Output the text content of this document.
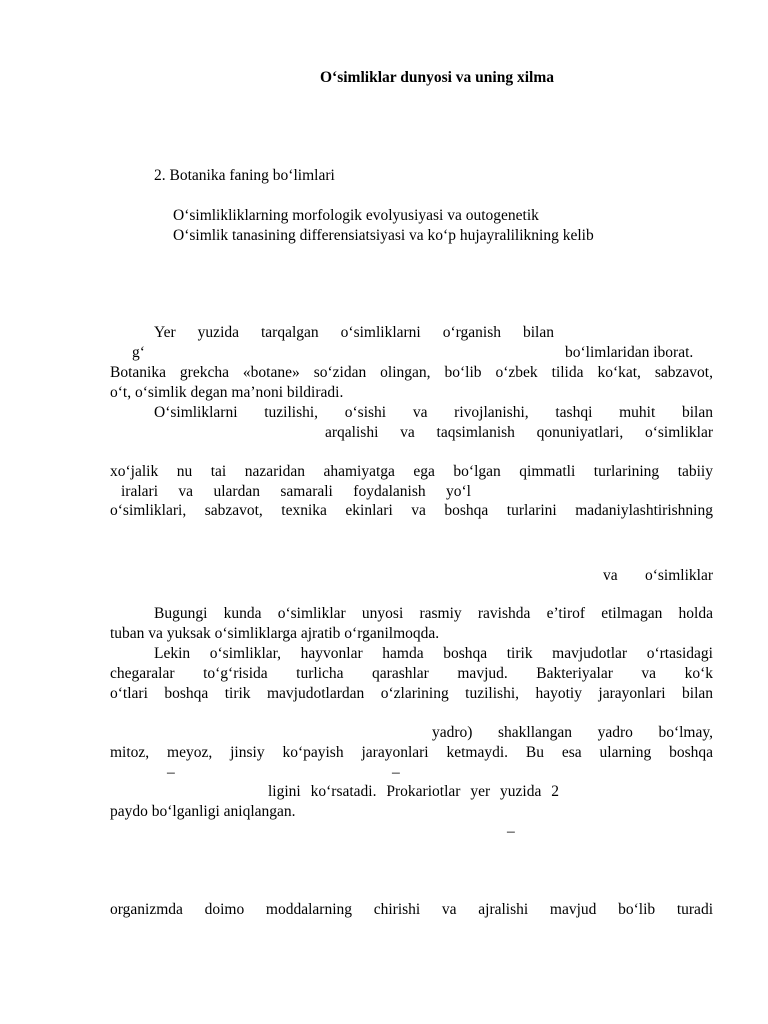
O‘simliklar dunyosi va uning xilma
2. Botanika faning bo‘limlari
O‘simlikliklarning morfologik evolyusiyasi va outogenetik
O‘simlik tanasining differensiatsiyasi va ko‘p hujayralilikning kelib
Yer yuzida tarqalgan o‘simliklarni o‘rganish bilan
g‘	bo‘limlaridan iborat.
Botanika grekcha «botane» so‘zidan olingan, bo‘lib o‘zbek tilida ko‘kat, sabzavot,
o‘t, o‘simlik degan ma’noni bildiradi.
O‘simliklarni tuzilishi, o‘sishi va rivojlanishi, tashqi muhit bilan
arqalishi va taqsimlanish qonuniyatlari, o‘simliklar
xo‘jalik nu tai nazaridan ahamiyatga ega bo‘lgan qimmatli turlarining tabiiy
iralari va ulardan samarali foydalanish yo‘l
o‘simliklari, sabzavot, texnika ekinlari va boshqa turlarini madaniylashtirishning
va o‘simliklar
Bugungi kunda o‘simliklar unyosi rasmiy ravishda e’tirof etilmagan holda
tuban va yuksak o‘simliklarga ajratib o‘rganilmoqda.
Lekin o‘simliklar, hayvonlar hamda boshqa tirik mavjudotlar o‘rtasidagi
chegaralar to‘g‘risida turlicha qarashlar mavjud. Bakteriyalar va ko‘k
o‘tlari boshqa tirik mavjudotlardan o‘zlarining tuzilishi, hayotiy jarayonlari bilan
yadro) shakllangan yadro bo‘lmay,
mitoz, meyoz, jinsiy ko‘payish jarayonlari ketmaydi. Bu esa ularning boshqa
–	–
ligini ko‘rsatadi. Prokariotlar yer yuzida 2
paydo bo‘lganligi aniqlangan.
–
organizmda doimo moddalarning chirishi va ajralishi mavjud bo‘lib turadi
